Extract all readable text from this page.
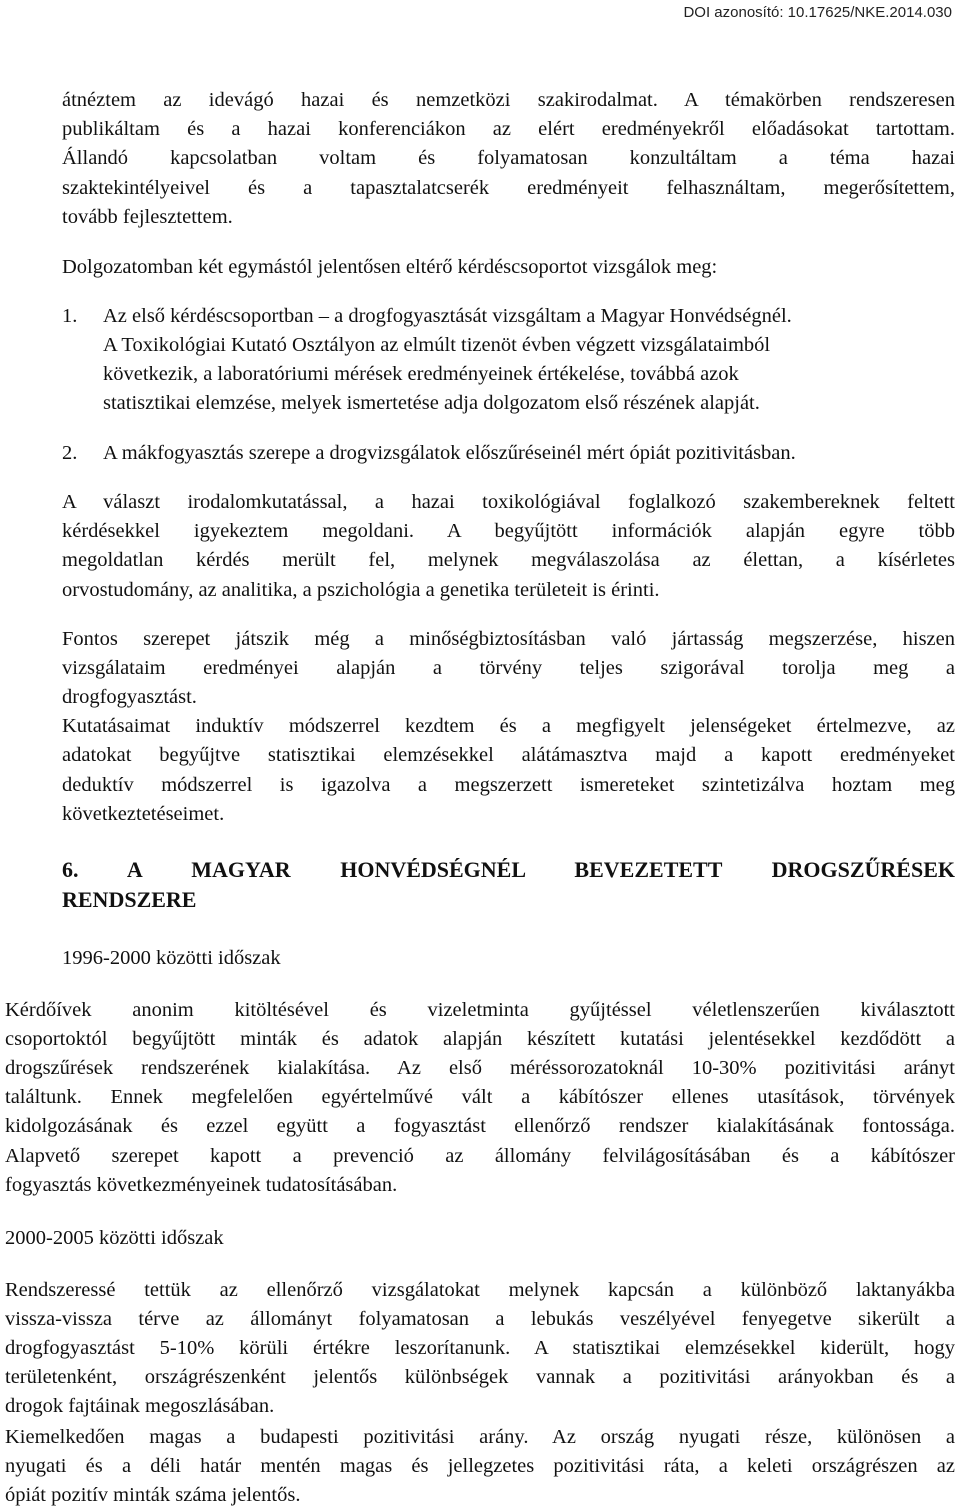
DOI azonosító: 10.17625/NKE.2014.030
átnéztem az idevágó hazai és nemzetközi szakirodalmat. A témakörben rendszeresen
publikáltam és a hazai konferenciákon az elért eredményekről előadásokat tartottam.
Állandó kapcsolatban voltam és folyamatosan konzultáltam a téma hazai
szaktekintélyeivel és a tapasztalatcserék eredményeit felhasználtam, megerősítettem,
tovább fejlesztettem.
Dolgozatomban két egymástól jelentősen eltérő kérdéscsoportot vizsgálok meg:
1. Az első kérdéscsoportban – a drogfogyasztását vizsgáltam a Magyar Honvédségnél.
A Toxikológiai Kutató Osztályon az elmúlt tizenöt évben végzett vizsgálataimból
következik, a laboratóriumi mérések eredményeinek értékelése, továbbá azok
statisztikai elemzése, melyek ismertetése adja dolgozatom első részének alapját.
2. A mákfogyasztás szerepe a drogvizsgálatok előszűréseinél mért ópiát pozitivitásban.
A választ irodalomkutatással, a hazai toxikológiával foglalkozó szakembereknek feltett
kérdésekkel igyekeztem megoldani. A begyűjtött információk alapján egyre több
megoldatlan kérdés merült fel, melynek megválaszolása az élettan, a kísérletes
orvostudomány, az analitika, a pszichológia a genetika területeit is érinti.
Fontos szerepet játszik még a minőségbiztosításban való jártasság megszerzése, hiszen
vizsgálataim eredményei alapján a törvény teljes szigorával torolja meg a
drogfogyasztást.
Kutatásaimat induktív módszerrel kezdtem és a megfigyelt jelenségeket értelmezve, az
adatokat begyűjtve statisztikai elemzésekkel alátámasztva majd a kapott eredményeket
deduktív módszerrel is igazolva a megszerzett ismereteket szintetizálva hoztam meg
következtetéseimet.
6. A MAGYAR HONVÉDSÉGNÉL BEVEZETETT DROGSZŰRÉSEK
RENDSZERE
1996-2000 közötti időszak
Kérdőívek anonim kitöltésével és vizeletminta gyűjtéssel véletlenszerűen kiválasztott
csoportoktól begyűjtött minták és adatok alapján készített kutatási jelentésekkel kezdődött a
drogszűrések rendszerének kialakítása. Az első méréssorozatoknál 10-30% pozitivitási arányt
találtunk. Ennek megfelelően egyértelművé vált a kábítószer ellenes utasítások, törvények
kidolgozásának és ezzel együtt a fogyasztást ellenőrző rendszer kialakításának fontossága.
Alapvető szerepet kapott a prevenció az állomány felvilágosításában és a kábítószer
fogyasztás következményeinek tudatosításában.
2000-2005 közötti időszak
Rendszeressé tettük az ellenőrző vizsgálatokat melynek kapcsán a különböző laktanyákba
vissza-vissza térve az állományt folyamatosan a lebukás veszélyével fenyegetve sikerült a
drogfogyasztást 5-10% körüli értékre leszorítanunk. A statisztikai elemzésekkel kiderült, hogy
területenként, országrészenként jelentős különbségek vannak a pozitivitási arányokban és a
drogok fajtáinak megoszlásában.
Kiemelkedően magas a budapesti pozitivitási arány. Az ország nyugati része, különösen a
nyugati és a déli határ mentén magas és jellegzetes pozitivitási ráta, a keleti országrészen az
ópiát pozitív minták száma jelentős.
